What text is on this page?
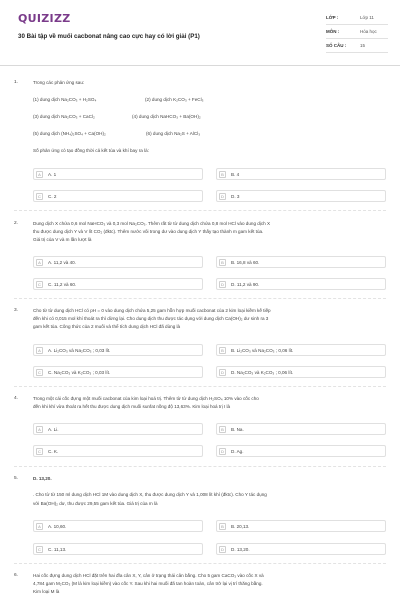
QUIZIZZ
30 Bài tập về muối cacbonat nâng cao cực hay có lời giải (P1)
LỚP :	Lớp 11
MÔN :	Hóa học
SỐ CÂU :	15
1.	Trong các phản ứng sau:
(1) dung dịch Na₂CO₃ + H₂SO₄	(2) dung dịch K₂CO₃ + FeCl₃
(3) dung dịch Na₂CO₃ + CaCl₂	(4) dung dịch NaHCO₃ + Ba(OH)₂
(5) dung dịch (NH₄)₂SO₄ + Ca(OH)₂	(6) dung dịch Na₂S + AlCl₃
Số phản ứng có tạo đồng thời cả kết tủa và khí bay ra là:
A	A. 1	B	B. 4
C	C. 2	D	D. 3
2.	Dung dịch X chứa 0,6 mol NaHCO₃ và 0,3 mol Na₂CO₃. Thêm rất từ từ dung dịch chứa 0,8 mol HCl vào dung dịch X
thu được dung dịch Y và V lít CO₂ (đktc). Thêm nước vôi trong dư vào dung dịch Y thấy tạo thành m gam kết tủa.
Giá trị của V và m lần lượt là
A	A. 11,2 và 40.	B	B. 16,8 và 60.
C	C. 11,2 và 60.	D	D. 11,2 và 90.
3.	Cho từ từ dung dịch HCl có pH = 0 vào dung dịch chứa 5,25 gam hỗn hợp muối cacbonat của 2 kim loại kiềm kế tiếp
đến khi có 0,015 mol khí thoát ra thì dừng lại. Cho dung dịch thu được tác dụng với dung dịch Ca(OH)₂ dư sinh ra 3
gam kết tủa. Công thức của 2 muối và thể tích dung dịch HCl đã dùng là
A	A. Li₂CO₃ và Na₂CO₃ ; 0,03 lít.	B	B. Li₂CO₃ và Na₂CO₃ ; 0,06 lít.
C	C. Na₂CO₃ và K₂CO₃ ; 0,03 lít.	D	D. Na₂CO₃ và K₂CO₃ ; 0,06 lít.
4.	Trong một cái cốc đựng một muối cacbonat của kim loại hoá trị. Thêm từ từ dung dịch H₂SO₄ 10% vào cốc cho
đến khi khí vừa thoát ra hết thu được dung dịch muối sunfat nồng độ 13,63%. Kim loại hoá trị I là
A	A. Li.	B	B. Na.
C	C. K.	D	D. Ag.
5.	D. 13,20.
. Cho từ từ 150 ml dung dịch HCl 1M vào dung dịch X, thu được dung dịch Y và 1,008 lít khí (đktc). Cho Y tác dụng
với Ba(OH)₂ dư, thu được 29,55 gam kết tủa. Giá trị của m là
A	A. 10,60.	B	B. 20,13.
C	C. 11,13.	D	D. 13,20.
6.	Hai cốc đựng dung dịch HCl đặt trên hai đĩa cân X, Y, cân ở trạng thái cân bằng. Cho 5 gam CaCO₃ vào cốc X và
4,784 gam M₂CO₃ (M là kim loại kiềm) vào cốc Y. Sau khi hai muối đã tan hoàn toàn, cân trở lại vị trí thăng bằng.
Kim loại M là
